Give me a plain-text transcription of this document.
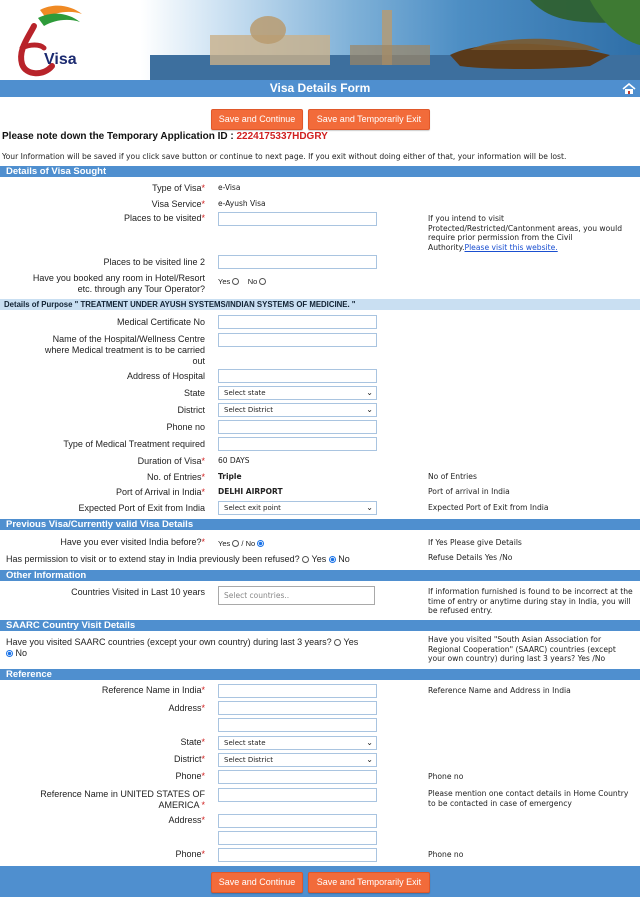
Visa
Visa Details Form
Save and Continue	Save and Temporarily Exit
Please note down the Temporary Application ID : 2224175337HDGRY
Your Information will be saved if you click save button or continue to next page. If you exit without doing either of that, your information will be lost.
Details of Visa Sought
Type of Visa* e-Visa
Visa Service* e-Ayush Visa
Places to be visited*	If you intend to visit Protected/Restricted/Cantonment areas, you would require prior permission from the Civil Authority.Please visit this website.
Places to be visited line 2
Have you booked any room in Hotel/Resort
etc. through any Tour Operator?
Yes No
Details of Purpose " TREATMENT UNDER AYUSH SYSTEMS/INDIAN SYSTEMS OF MEDICINE. "
Medical Certificate No
Name of the Hospital/Wellness Centre
where Medical treatment is to be carried
out
Address of Hospital
State	Select state	⌄
District	Select District	⌄
Phone no
Type of Medical Treatment required
Duration of Visa* 60 DAYS
No. of Entries* Triple	No of Entries
Port of Arrival in India* DELHI AIRPORT	Port of arrival in India
Expected Port of Exit from India	Select exit point	⌄	Expected Port of Exit from India
Previous Visa/Currently valid Visa Details
Have you ever visited India before?* Yes  / No	If Yes Please give Details
Has permission to visit or to extend stay in India previously been refused? Yes No	Refuse Details Yes /No
Other Information
Countries Visited in Last 10 years	Select countries..	If information furnished is found to be incorrect at the time of entry or anytime during stay in India, you will be refused entry.
SAARC Country Visit Details
Have you visited SAARC countries (except your own country) during last 3 years? Yes
No
Have you visited "South Asian Association for Regional Cooperation" (SAARC) countries (except your own country) during last 3 years? Yes /No
Reference
Reference Name in India*	Reference Name and Address in India
Address*
State*	Select state	⌄
District*	Select District	⌄
Phone*	Phone no
Reference Name in UNITED STATES OF
AMERICA *
Please mention one contact details in Home Country to be contacted in case of emergency
Address*
Phone*	Phone no
Save and Continue	Save and Temporarily Exit
